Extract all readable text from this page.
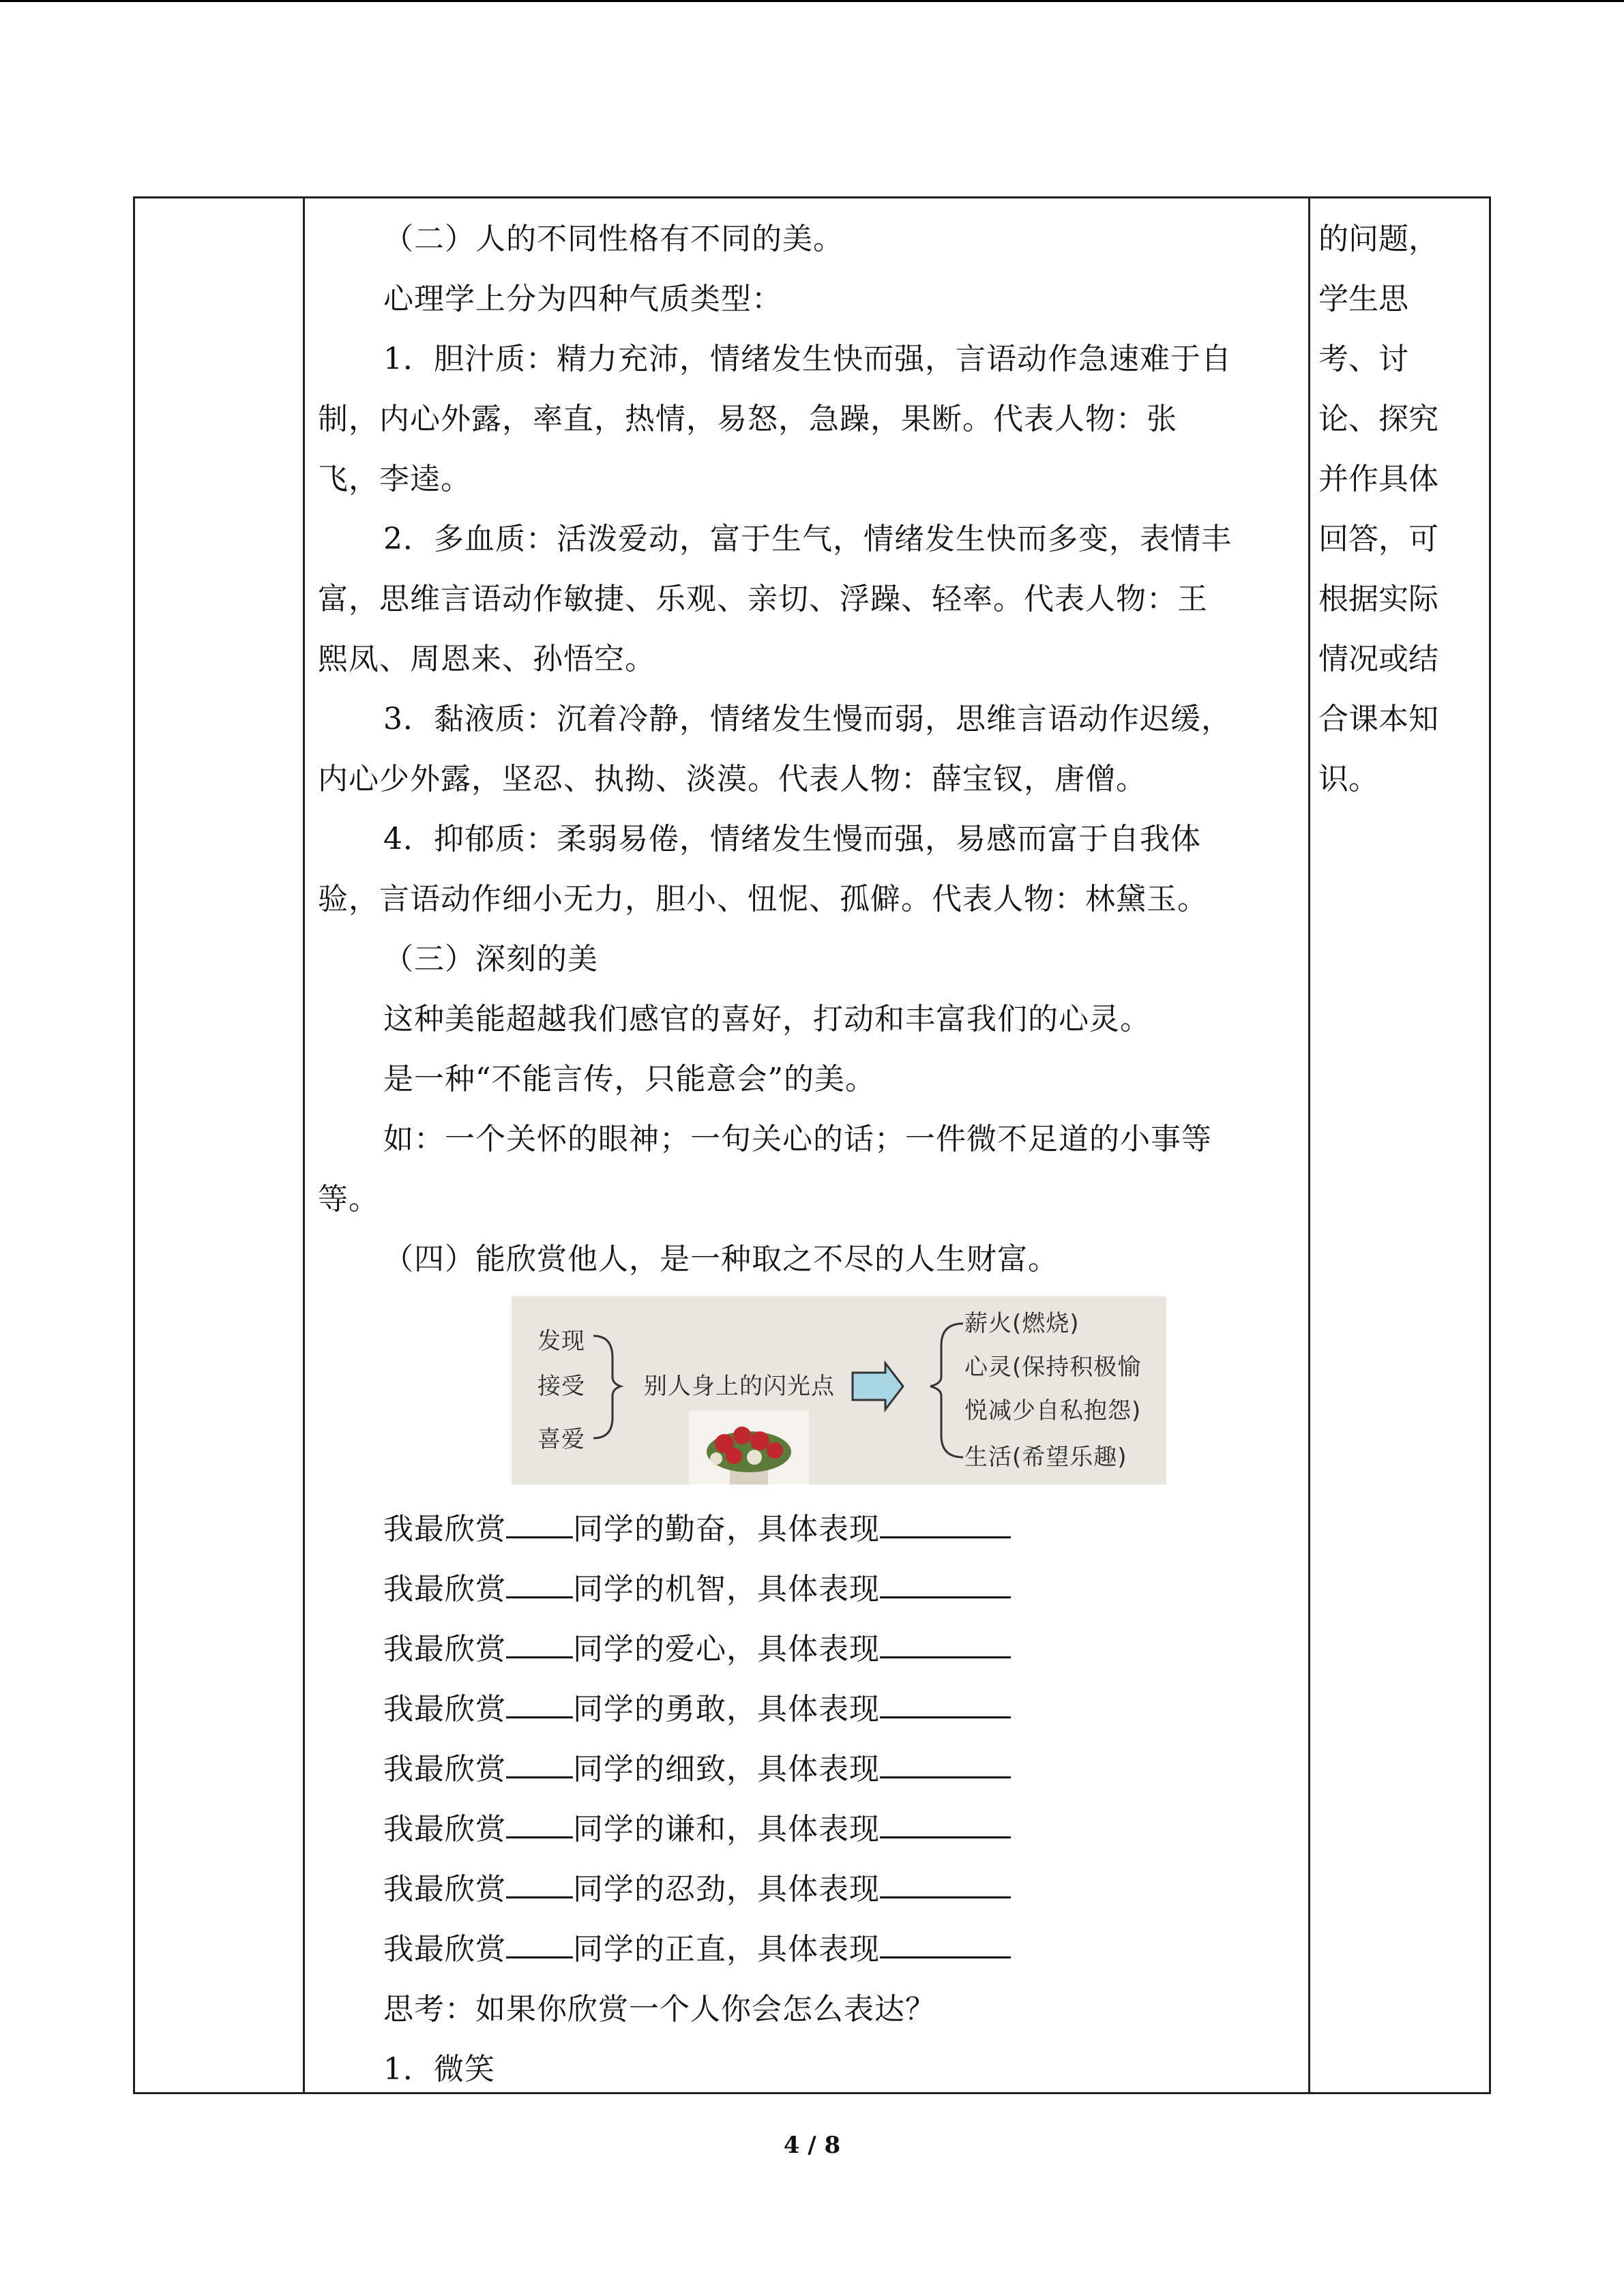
（二）人的不同性格有不同的美。

心理学上分为四种气质类型：

1．胆汁质：精力充沛，情绪发生快而强，言语动作急速难于自

制，内心外露，率直，热情，易怒，急躁，果断。代表人物：张

飞，李逵。

2．多血质：活泼爱动，富于生气，情绪发生快而多变，表情丰

富，思维言语动作敏捷、乐观、亲切、浮躁、轻率。代表人物：王

熙凤、周恩来、孙悟空。

3．黏液质：沉着冷静，情绪发生慢而弱，思维言语动作迟缓，

内心少外露，坚忍、执拗、淡漠。代表人物：薛宝钗，唐僧。

4．抑郁质：柔弱易倦，情绪发生慢而强，易感而富于自我体

验，言语动作细小无力，胆小、忸怩、孤僻。代表人物：林黛玉。

（三）深刻的美

这种美能超越我们感官的喜好，打动和丰富我们的心灵。

是一种“不能言传，只能意会”的美。

如：一个关怀的眼神；一句关心的话；一件微不足道的小事等

等。

（四）能欣赏他人，是一种取之不尽的人生财富。

发现
接受
喜爱
别人身上的闪光点
薪火(燃烧)
心灵(保持积极愉
悦减少自私抱怨)
生活(希望乐趣)

我最欣赏 同学的勤奋，具体表现

我最欣赏 同学的机智，具体表现

我最欣赏 同学的爱心，具体表现

我最欣赏 同学的勇敢，具体表现

我最欣赏 同学的细致，具体表现

我最欣赏 同学的谦和，具体表现

我最欣赏 同学的忍劲，具体表现

我最欣赏 同学的正直，具体表现

思考：如果你欣赏一个人你会怎么表达？

1．微笑

的问题，

学生思

考、讨

论、探究

并作具体

回答，可

根据实际

情况或结

合课本知

识。

4 / 8
